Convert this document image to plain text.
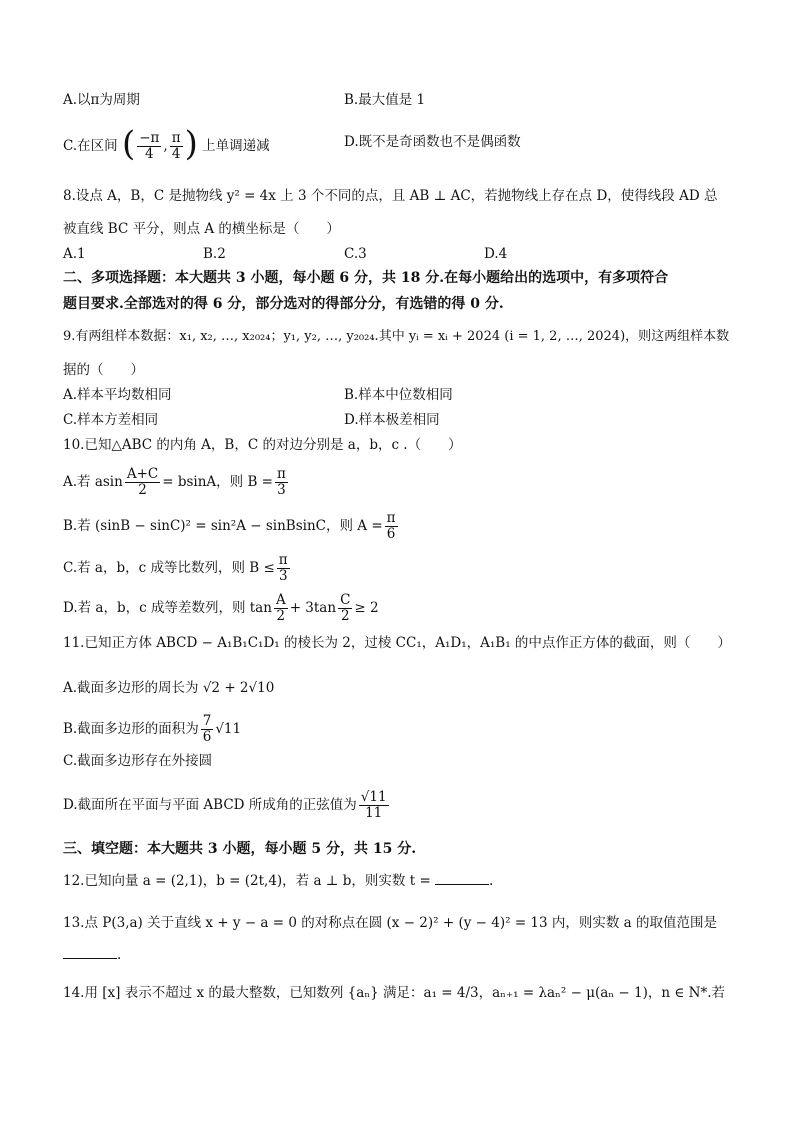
A.以π为周期	B.最大值是 1
C.在区间 ( $\frac{-\pi}{4}$ , $\frac{\pi}{4}$ ) 上单调递减	D.既不是奇函数也不是偶函数
8.设点 A，B，C 是抛物线 y² = 4x 上 3 个不同的点，且 AB ⊥ AC，若抛物线上存在点 D，使得线段 AD 总
被直线 BC 平分，则点 A 的横坐标是（　　）
A.1	B.2	C.3	D.4
二、多项选择题：本大题共 3 小题，每小题 6 分，共 18 分.在每小题给出的选项中，有多项符合
题目要求.全部选对的得 6 分，部分选对的得部分分，有选错的得 0 分.
9.有两组样本数据：x₁, x₂, …, x₂₀₂₄；y₁, y₂, …, y₂₀₂₄.其中 yᵢ = xᵢ + 2024 (i = 1, 2, …, 2024)，则这两组样本数
据的（　　）
A.样本平均数相同	B.样本中位数相同
C.样本方差相同	D.样本极差相同
10.已知△ABC 的内角 A，B，C 的对边分别是 a，b，c .（　　）
A.若 asin $\frac{A+C}{2} = bsinA$，则 $B = \frac{\pi}{3}$
B.若 (sinB − sinC)² = sin²A − sinBsinC，则 $A = \frac{\pi}{6}$
C.若 a，b，c 成等比数列，则 $B \le \frac{\pi}{3}$
D.若 a，b，c 成等差数列，则 $\tan \frac{A}{2} + 3\tan \frac{C}{2} \ge 2$
11.已知正方体 ABCD − A₁B₁C₁D₁ 的棱长为 2，过棱 CC₁，A₁D₁，A₁B₁ 的中点作正方体的截面，则（　　）
A.截面多边形的周长为 √2 + 2√10
B.截面多边形的面积为 $\frac{7}{6} √11$
C.截面多边形存在外接圆
D.截面所在平面与平面 ABCD 所成角的正弦值为 $\frac{√11}{11}$
三、填空题：本大题共 3 小题，每小题 5 分，共 15 分.
12.已知向量 a = (2,1)，b = (2t,4)，若 a ⊥ b，则实数 t =	.
13.点 P(3,a) 关于直线 x + y − a = 0 的对称点在圆 (x − 2)² + (y − 4)² = 13 内，则实数 a 的取值范围是
.
14.用 [x] 表示不超过 x 的最大整数，已知数列 {aₙ} 满足：a₁ = 4/3，aₙ₊₁ = λaₙ² − μ(aₙ − 1)，n ∈ N*.若
